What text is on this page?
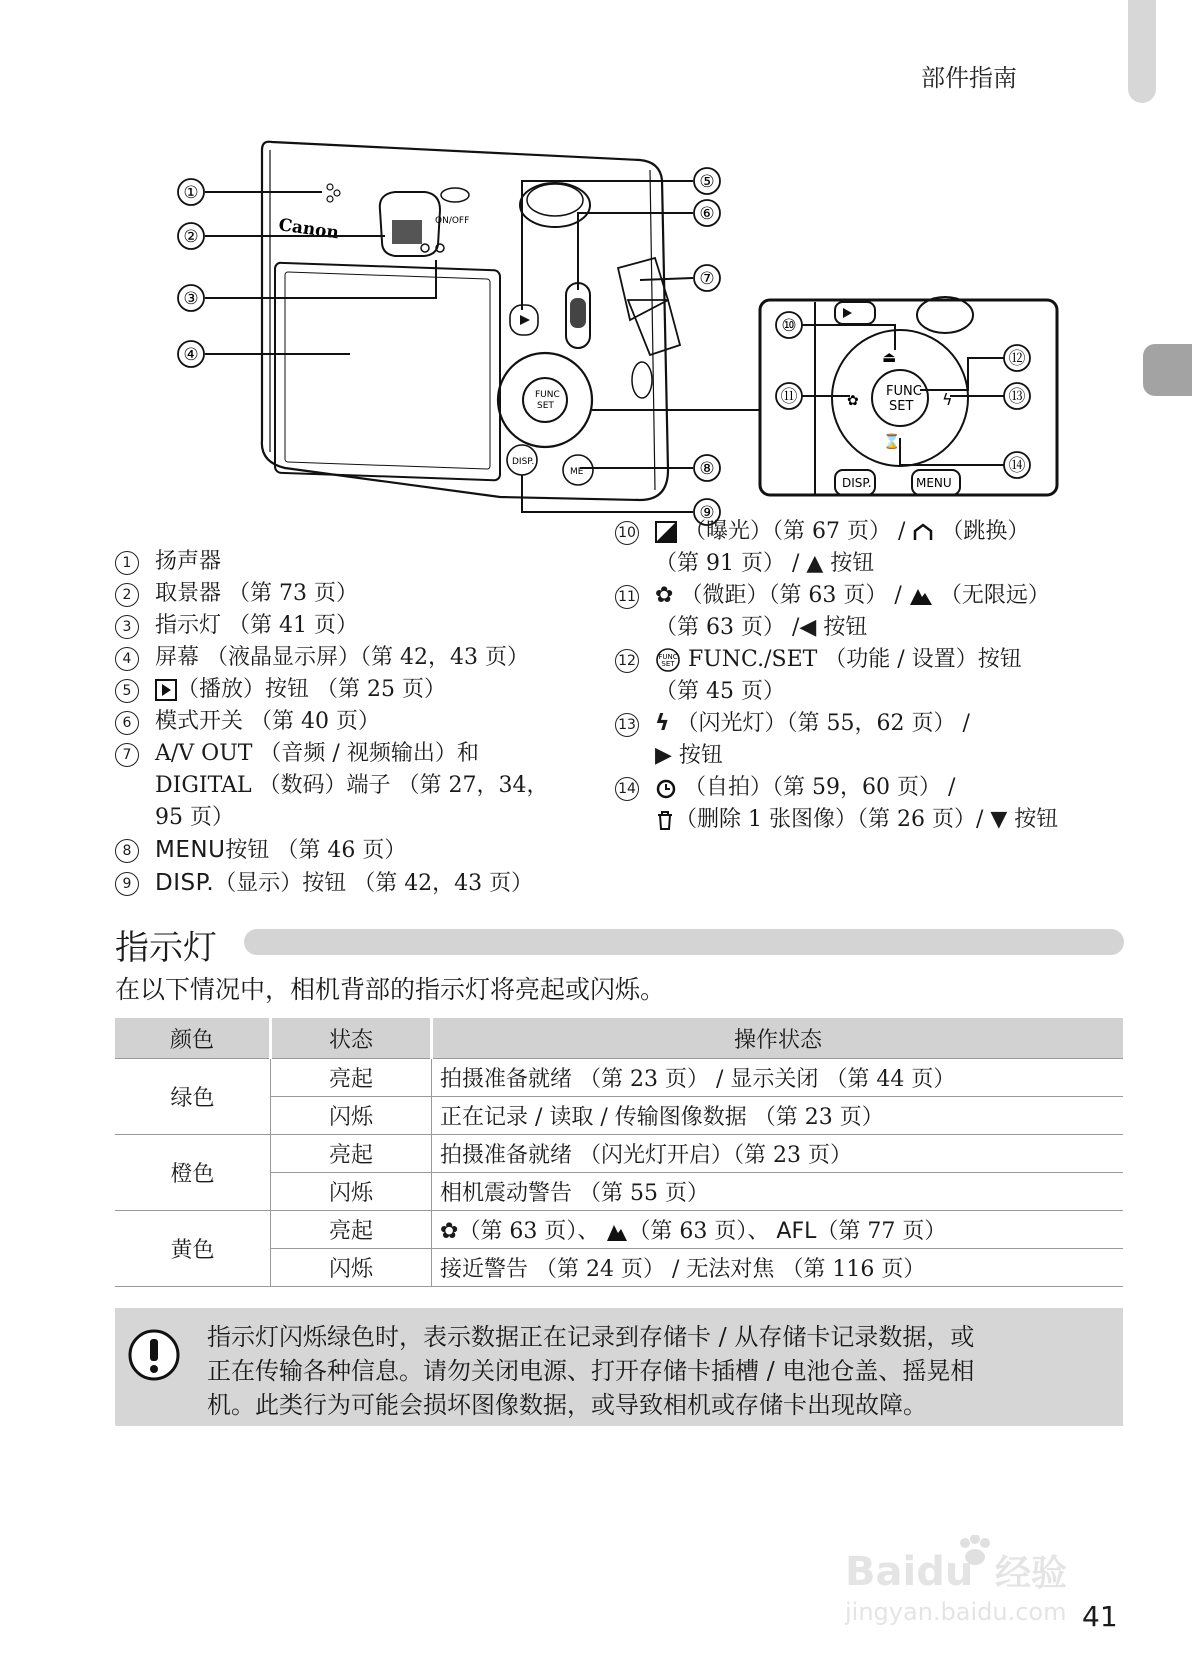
部件指南
Canon	ON/OFF
FUNC
SET
DISP.
ME
①
②
③
④
⑤
⑥
⑦
⑧
⑨
FUNC
SET
DISP.	MENU
⏏
ϟ
✿
⌛
⑩
⑪
⑫
⑬
⑭
1	扬声器
2	取景器 （第 73 页）
3	指示灯 （第 41 页）
4	屏幕 （液晶显示屏）（第 42，43 页）
5	（播放）按钮 （第 25 页）
6	模式开关 （第 40 页）
7	A/V OUT （音频 / 视频输出）和
DIGITAL （数码）端子 （第 27，34，
95 页）
8	MENU按钮 （第 46 页）
9	DISP.（显示）按钮 （第 42，43 页）
10 （曝光）（第 67 页） / （跳换）
（第 91 页） / ▲ 按钮
11 ✿ （微距）（第 63 页） / （无限远）
（第 63 页） /◀ 按钮
12	FUNC
SET FUNC./SET （功能 / 设置）按钮
（第 45 页）
13 ϟ （闪光灯）（第 55，62 页） /
▶ 按钮
14 （自拍）（第 59，60 页） /
（删除 1 张图像）（第 26 页）/ ▼ 按钮
指示灯
在以下情况中，相机背部的指示灯将亮起或闪烁。
颜色	状态	操作状态
绿色	亮起	拍摄准备就绪 （第 23 页） / 显示关闭 （第 44 页）
	闪烁	正在记录 / 读取 / 传输图像数据 （第 23 页）
橙色	亮起	拍摄准备就绪 （闪光灯开启）（第 23 页）
	闪烁	相机震动警告 （第 55 页）
黄色	亮起	✿（第 63 页）、 （第 63 页）、 AFL（第 77 页）
	闪烁	接近警告 （第 24 页） / 无法对焦 （第 116 页）
指示灯闪烁绿色时，表示数据正在记录到存储卡 / 从存储卡记录数据，或
正在传输各种信息。请勿关闭电源、打开存储卡插槽 / 电池仓盖、摇晃相
机。此类行为可能会损坏图像数据，或导致相机或存储卡出现故障。
Baidu 经验
jingyan.baidu.com 41
